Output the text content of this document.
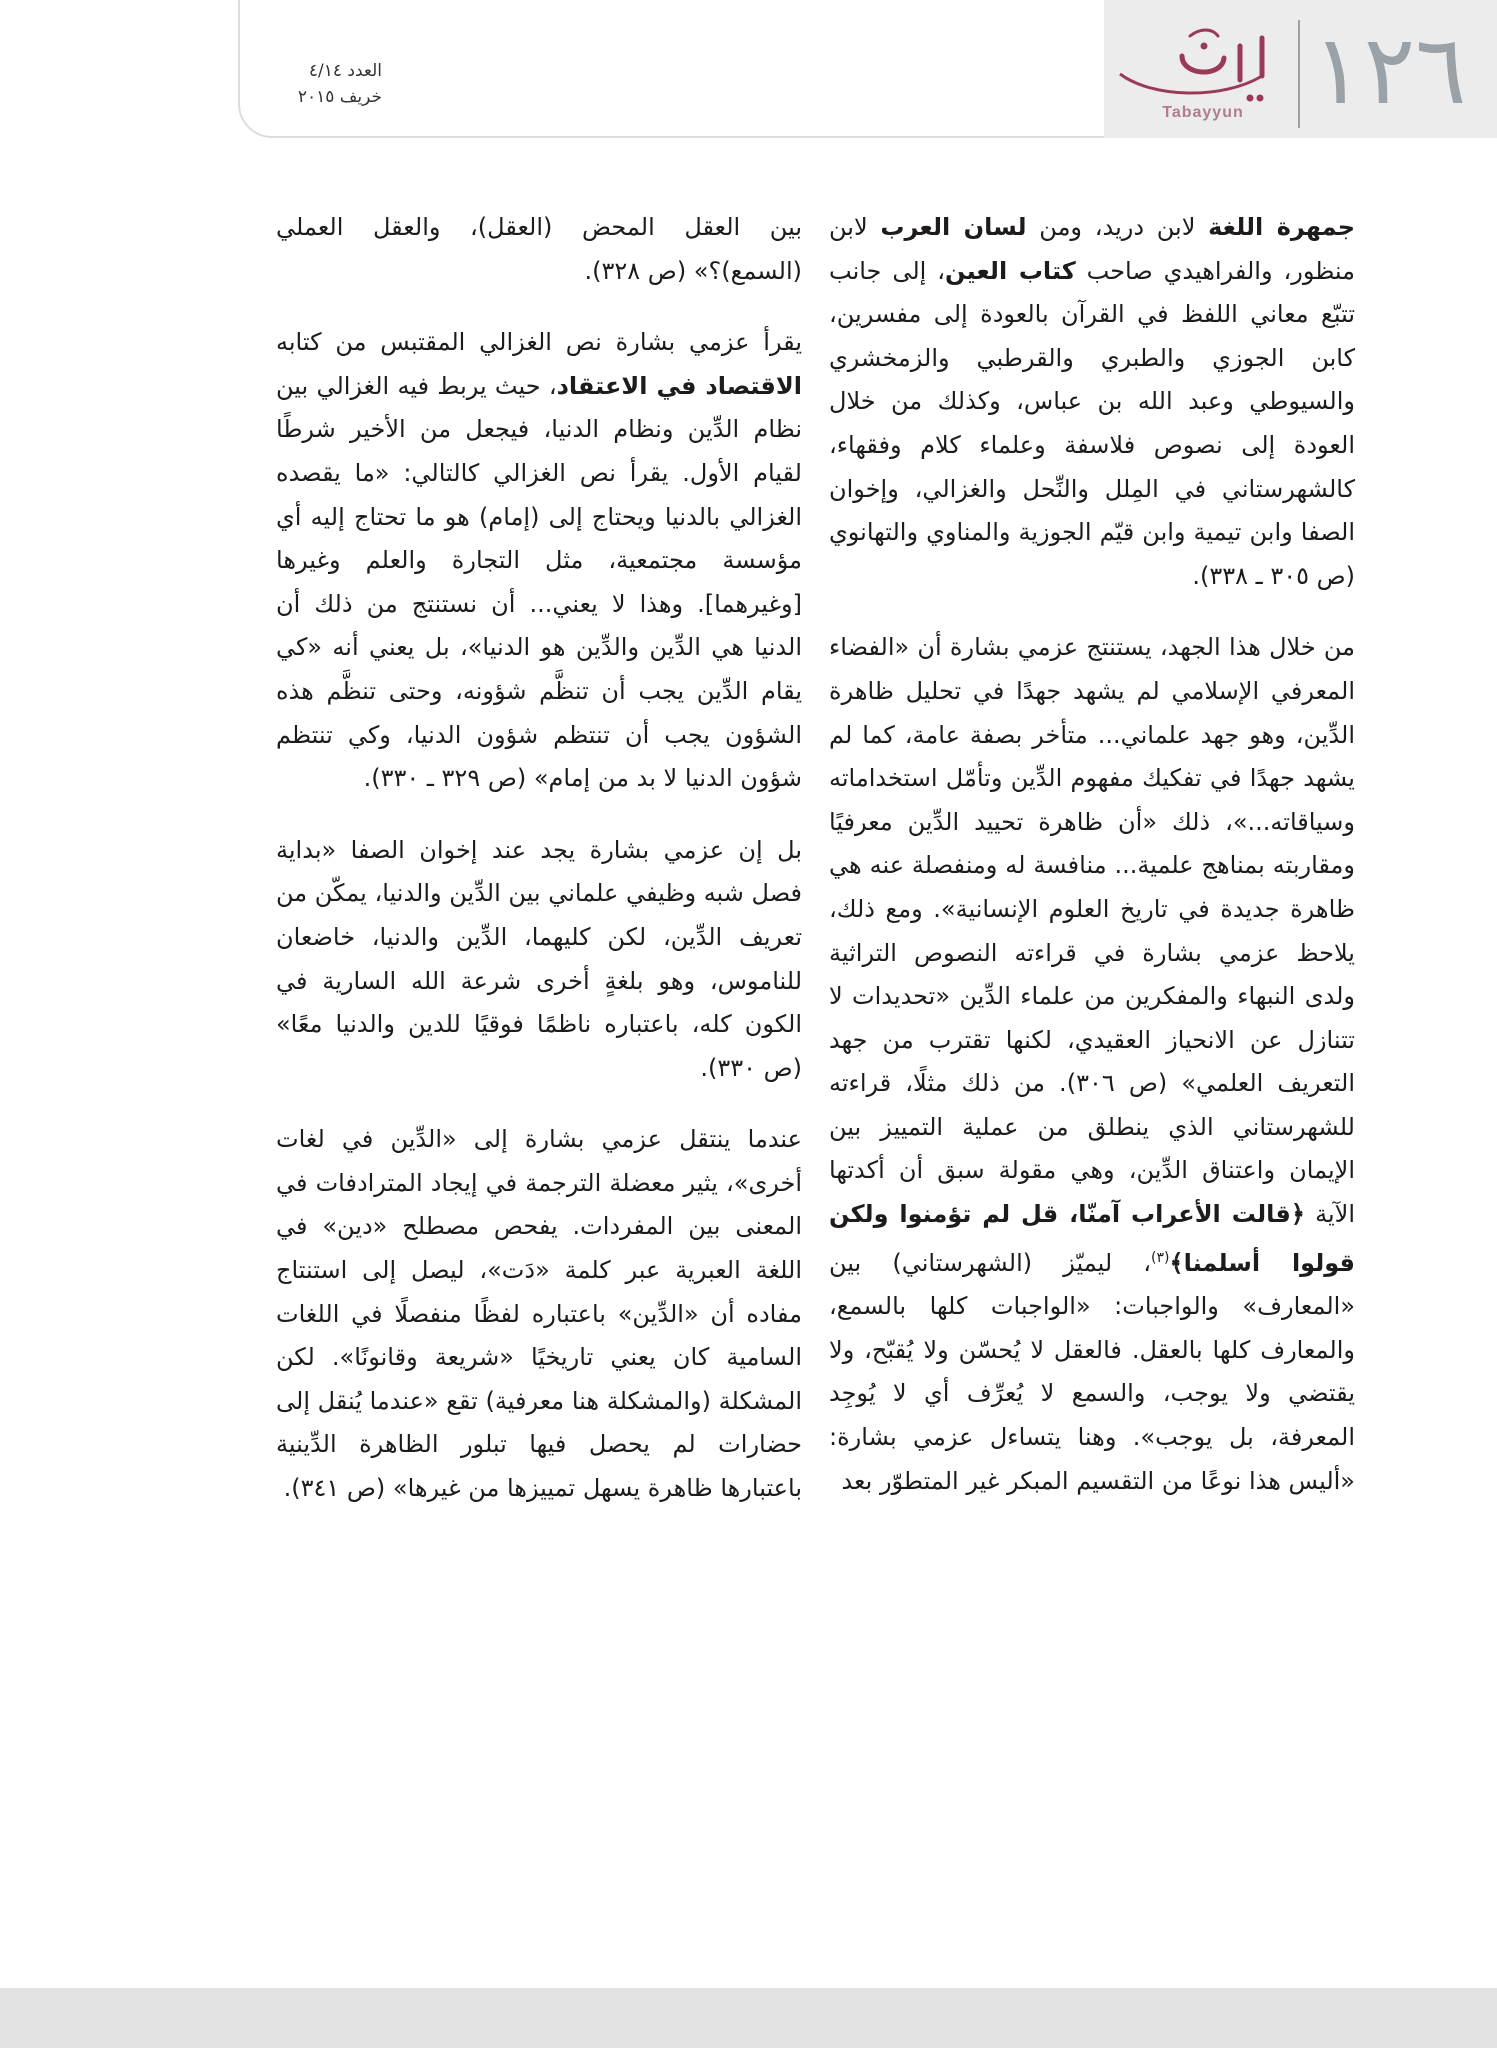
١٢٦
Tabayyun
العدد ٤/١٤
خريف ٢٠١٥

جمهرة اللغة لابن دريد، ومن لسان العرب لابن منظور، والفراهيدي صاحب كتاب العين، إلى جانب تتبّع معاني اللفظ في القرآن بالعودة إلى مفسرين، كابن الجوزي والطبري والقرطبي والزمخشري والسيوطي وعبد الله بن عباس، وكذلك من خلال العودة إلى نصوص فلاسفة وعلماء كلام وفقهاء، كالشهرستاني في المِلل والنِّحل والغزالي، وإخوان الصفا وابن تيمية وابن قيّم الجوزية والمناوي والتهانوي (ص ٣٠٥ ـ ٣٣٨).

من خلال هذا الجهد، يستنتج عزمي بشارة أن «الفضاء المعرفي الإسلامي لم يشهد جهدًا في تحليل ظاهرة الدِّين، وهو جهد علماني... متأخر بصفة عامة، كما لم يشهد جهدًا في تفكيك مفهوم الدِّين وتأمّل استخداماته وسياقاته...»، ذلك «أن ظاهرة تحييد الدِّين معرفيًا ومقاربته بمناهج علمية... منافسة له ومنفصلة عنه هي ظاهرة جديدة في تاريخ العلوم الإنسانية». ومع ذلك، يلاحظ عزمي بشارة في قراءته النصوص التراثية ولدى النبهاء والمفكرين من علماء الدِّين «تحديدات لا تتنازل عن الانحياز العقيدي، لكنها تقترب من جهد التعريف العلمي» (ص ٣٠٦). من ذلك مثلًا، قراءته للشهرستاني الذي ينطلق من عملية التمييز بين الإيمان واعتناق الدِّين، وهي مقولة سبق أن أكدتها الآية ﴿قالت الأعراب آمنّا، قل لم تؤمنوا ولكن قولوا أسلمنا﴾$^{(٣)}$، ليميّز (الشهرستاني) بين «المعارف» والواجبات: «الواجبات كلها بالسمع، والمعارف كلها بالعقل. فالعقل لا يُحسّن ولا يُقبّح، ولا يقتضي ولا يوجب، والسمع لا يُعرِّف أي لا يُوجِد المعرفة، بل يوجب». وهنا يتساءل عزمي بشارة: «أليس هذا نوعًا من التقسيم المبكر غير المتطوّر بعد

بين العقل المحض (العقل)، والعقل العملي (السمع)؟» (ص ٣٢٨).

يقرأ عزمي بشارة نص الغزالي المقتبس من كتابه الاقتصاد في الاعتقاد، حيث يربط فيه الغزالي بين نظام الدِّين ونظام الدنيا، فيجعل من الأخير شرطًا لقيام الأول. يقرأ نص الغزالي كالتالي: «ما يقصده الغزالي بالدنيا ويحتاج إلى (إمام) هو ما تحتاج إليه أي مؤسسة مجتمعية، مثل التجارة والعلم وغيرها [وغيرهما]. وهذا لا يعني... أن نستنتج من ذلك أن الدنيا هي الدِّين والدِّين هو الدنيا»، بل يعني أنه «كي يقام الدِّين يجب أن تنظَّم شؤونه، وحتى تنظَّم هذه الشؤون يجب أن تنتظم شؤون الدنيا، وكي تنتظم شؤون الدنيا لا بد من إمام» (ص ٣٢٩ ـ ٣٣٠).

بل إن عزمي بشارة يجد عند إخوان الصفا «بداية فصل شبه وظيفي علماني بين الدِّين والدنيا، يمكّن من تعريف الدِّين، لكن كليهما، الدِّين والدنيا، خاضعان للناموس، وهو بلغةٍ أخرى شرعة الله السارية في الكون كله، باعتباره ناظمًا فوقيًا للدين والدنيا معًا» (ص ٣٣٠).

عندما ينتقل عزمي بشارة إلى «الدِّين في لغات أخرى»، يثير معضلة الترجمة في إيجاد المترادفات في المعنى بين المفردات. يفحص مصطلح «دين» في اللغة العبرية عبر كلمة «دَت»، ليصل إلى استنتاج مفاده أن «الدِّين» باعتباره لفظًا منفصلًا في اللغات السامية كان يعني تاريخيًا «شريعة وقانونًا». لكن المشكلة (والمشكلة هنا معرفية) تقع «عندما يُنقل إلى حضارات لم يحصل فيها تبلور الظاهرة الدِّينية باعتبارها ظاهرة يسهل تمييزها من غيرها» (ص ٣٤١).
